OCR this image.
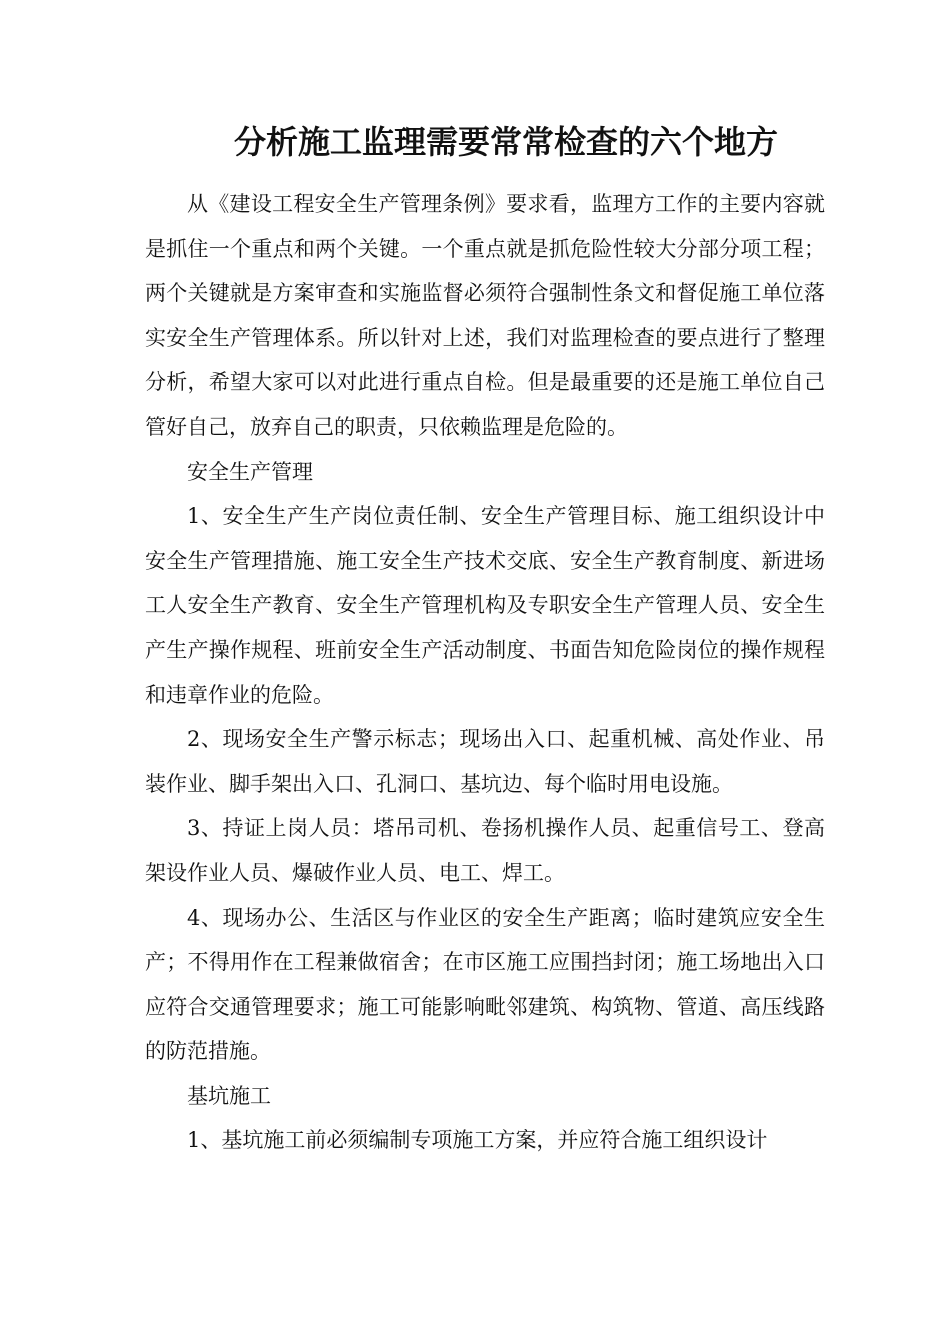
分析施工监理需要常常检查的六个地方

从《建设工程安全生产管理条例》要求看，监理方工作的主要内容就是抓住一个重点和两个关键。一个重点就是抓危险性较大分部分项工程；两个关键就是方案审查和实施监督必须符合强制性条文和督促施工单位落实安全生产管理体系。所以针对上述，我们对监理检查的要点进行了整理分析，希望大家可以对此进行重点自检。但是最重要的还是施工单位自己管好自己，放弃自己的职责，只依赖监理是危险的。

安全生产管理

1、安全生产生产岗位责任制、安全生产管理目标、施工组织设计中安全生产管理措施、施工安全生产技术交底、安全生产教育制度、新进场工人安全生产教育、安全生产管理机构及专职安全生产管理人员、安全生产生产操作规程、班前安全生产活动制度、书面告知危险岗位的操作规程和违章作业的危险。

2、现场安全生产警示标志；现场出入口、起重机械、高处作业、吊装作业、脚手架出入口、孔洞口、基坑边、每个临时用电设施。

3、持证上岗人员：塔吊司机、卷扬机操作人员、起重信号工、登高架设作业人员、爆破作业人员、电工、焊工。

4、现场办公、生活区与作业区的安全生产距离；临时建筑应安全生产；不得用作在工程兼做宿舍；在市区施工应围挡封闭；施工场地出入口应符合交通管理要求；施工可能影响毗邻建筑、构筑物、管道、高压线路的防范措施。

基坑施工

1、基坑施工前必须编制专项施工方案，并应符合施工组织设计
